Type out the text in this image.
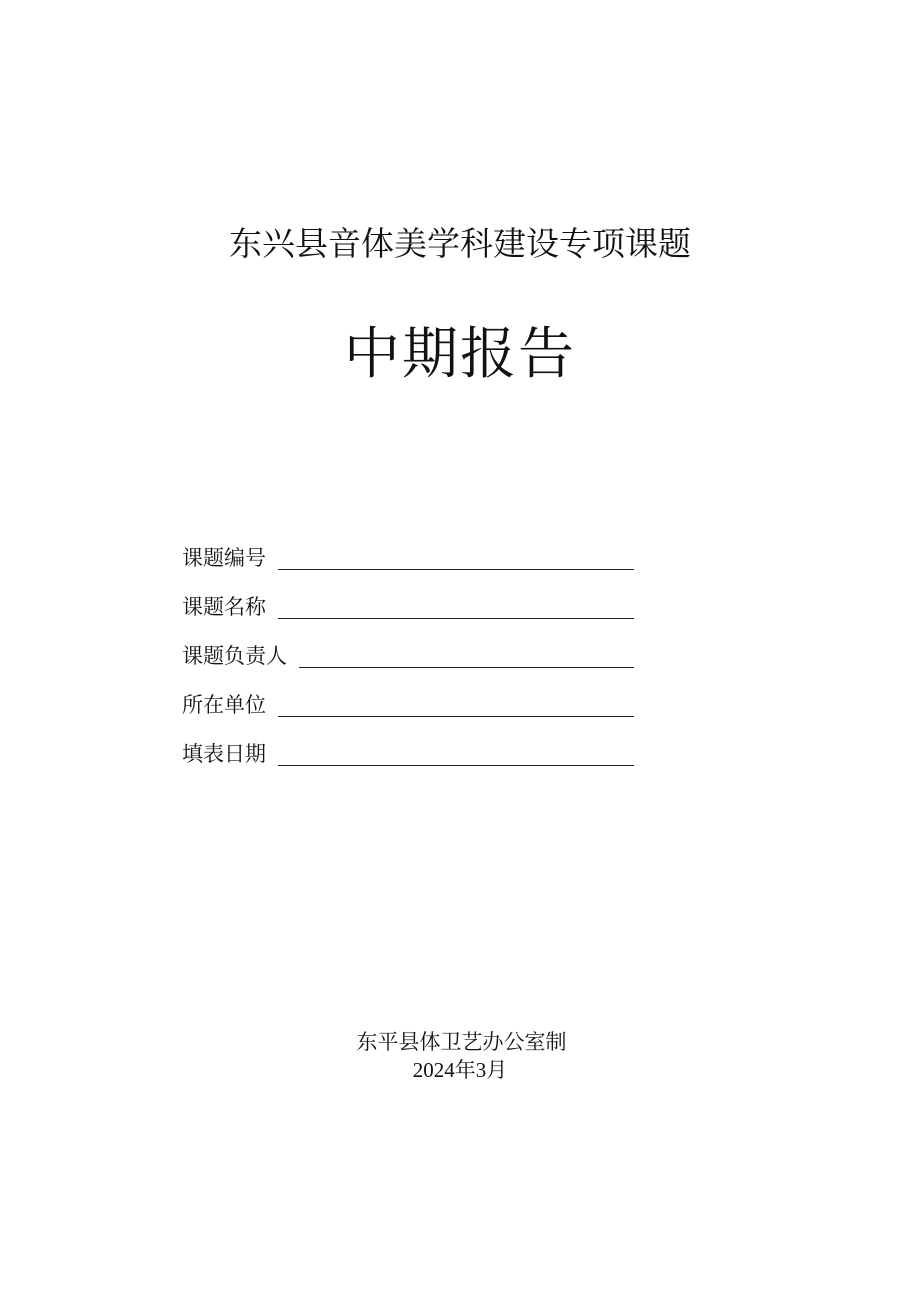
东兴县音体美学科建设专项课题
中期报告
课题编号
课题名称
课题负责人
所在单位
填表日期
东平县体卫艺办公室制
2024年3月
